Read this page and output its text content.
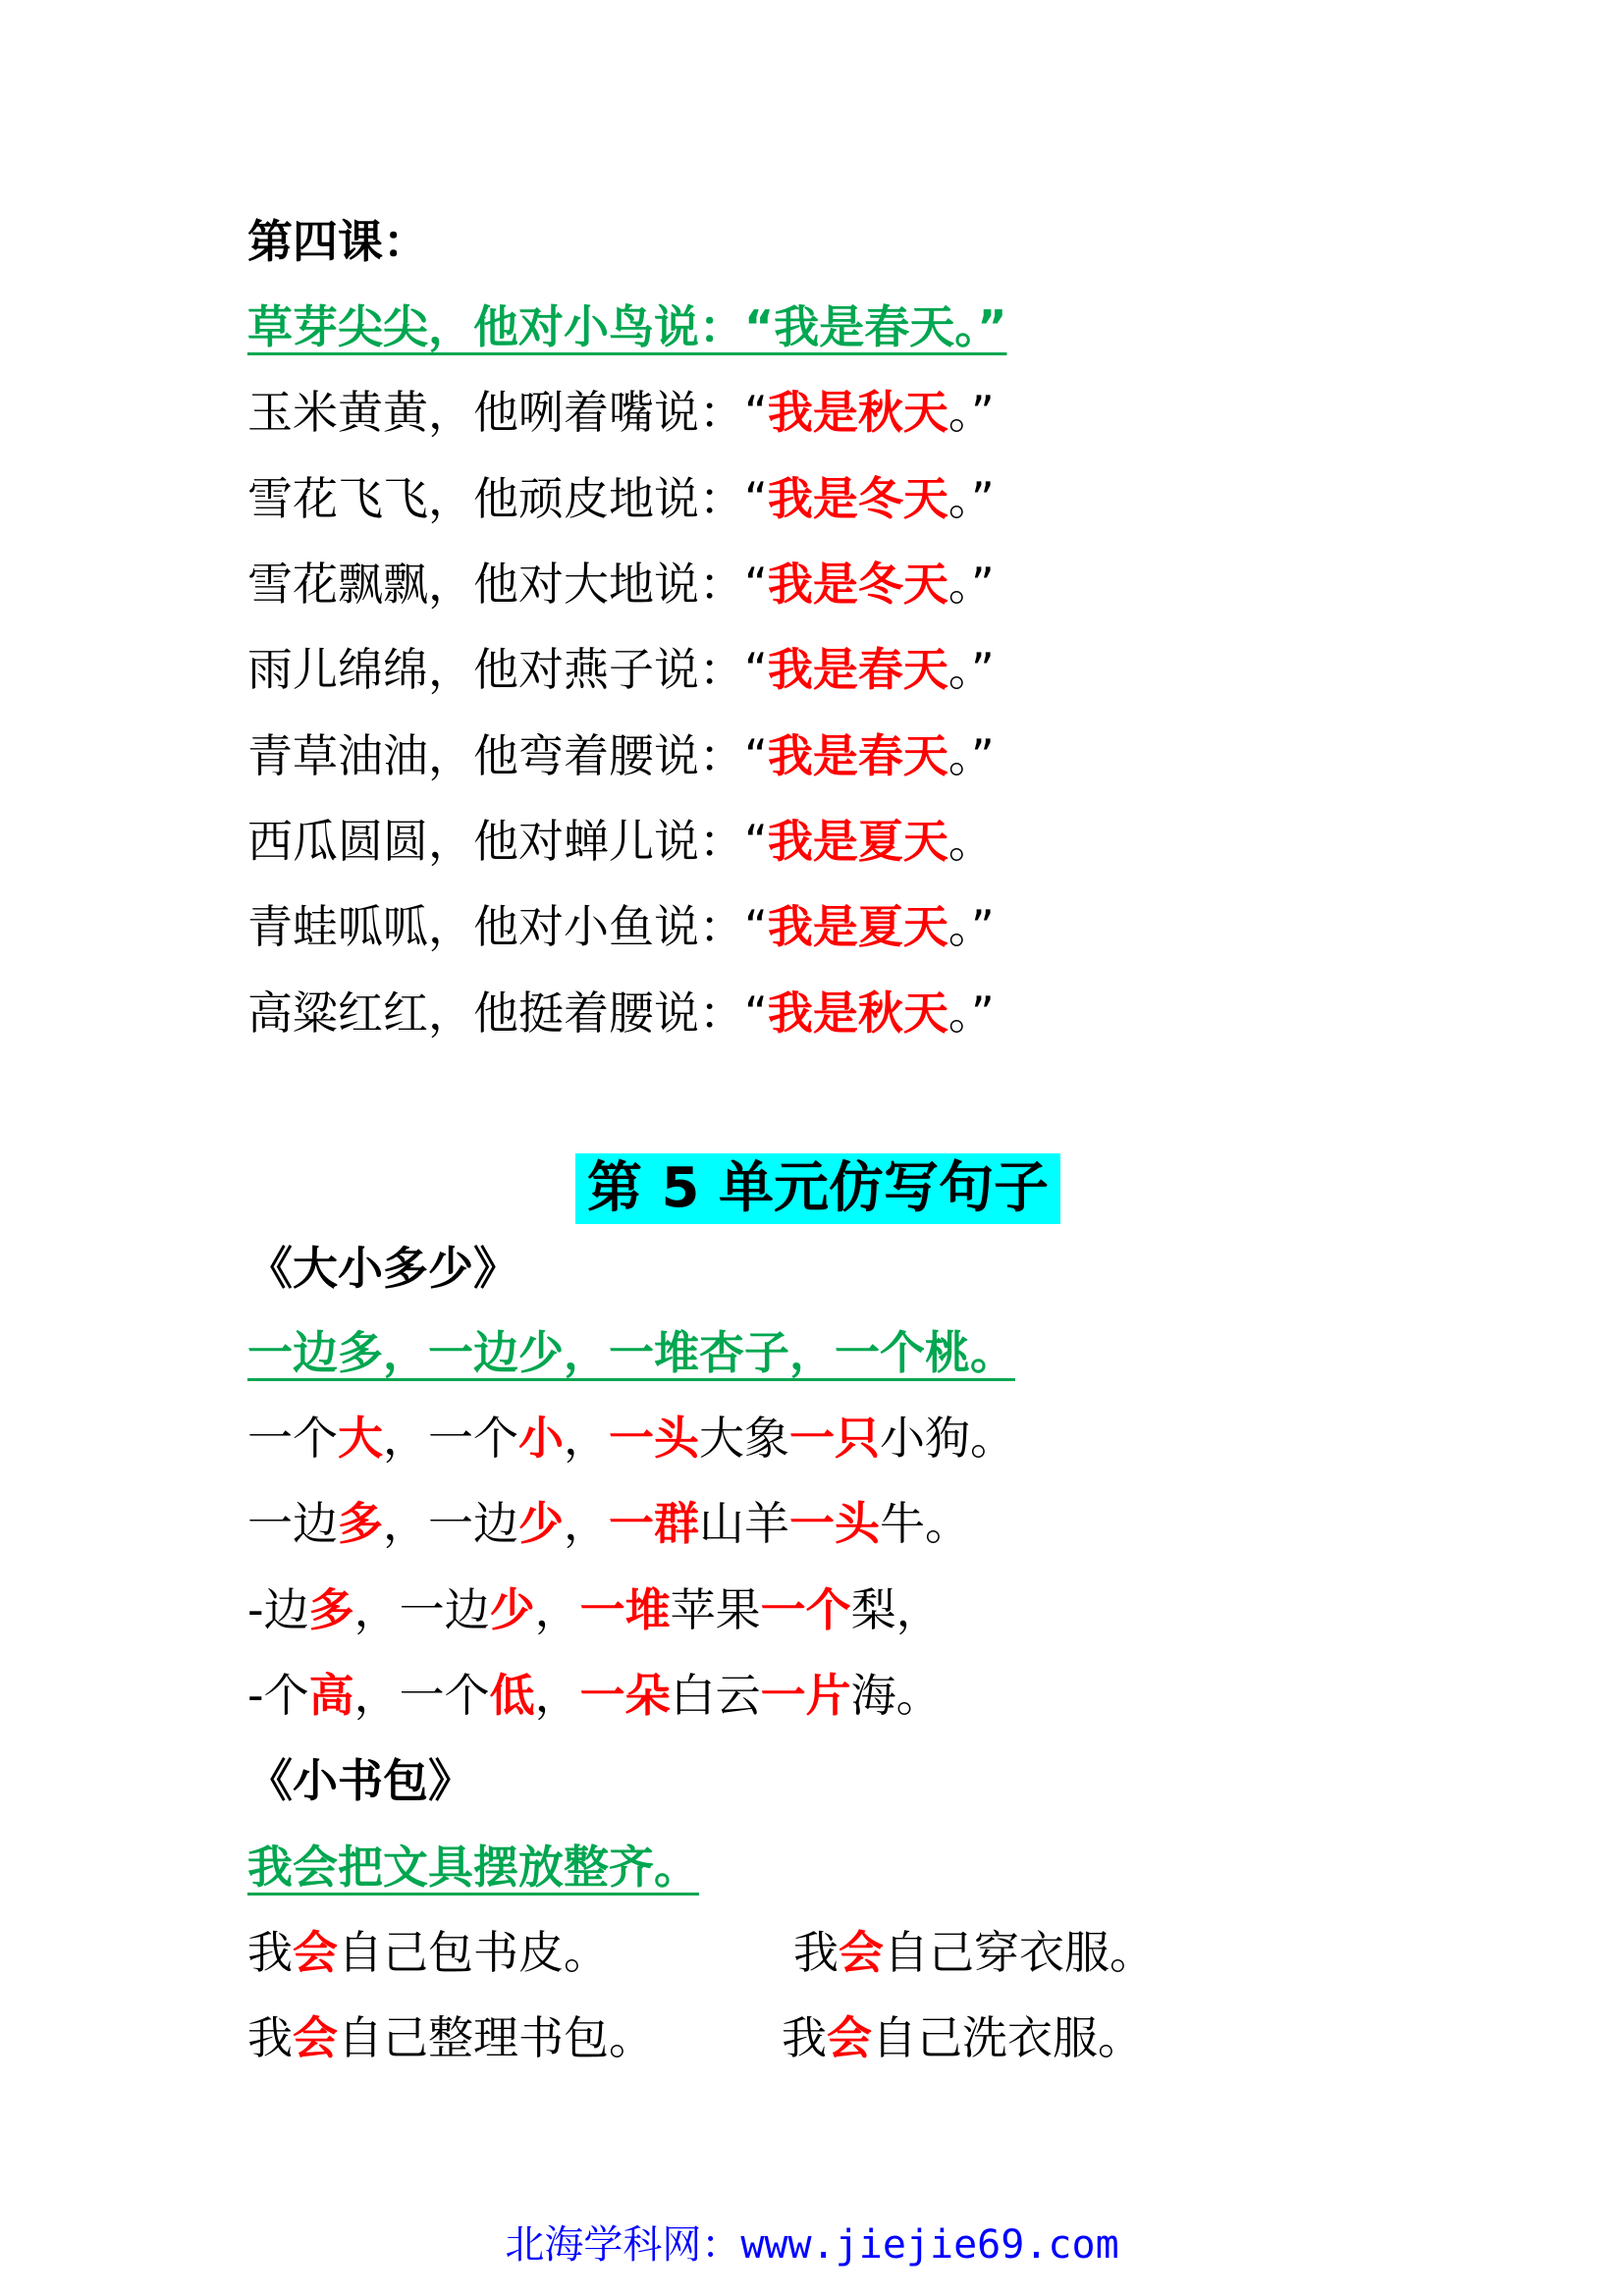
第四课：
草芽尖尖，他对小鸟说：“我是春天。”
玉米黄黄，他咧着嘴说：“我是秋天。”
雪花飞飞，他顽皮地说：“我是冬天。”
雪花飘飘，他对大地说：“我是冬天。”
雨儿绵绵，他对燕子说：“我是春天。”
青草油油，他弯着腰说：“我是春天。”
西瓜圆圆，他对蝉儿说：“我是夏天。
青蛙呱呱，他对小鱼说：“我是夏天。”
高粱红红，他挺着腰说：“我是秋天。”
第 5 单元仿写句子
《大小多少》
一边多，一边少，一堆杏子，一个桃。
一个大，一个小，一头大象一只小狗。
一边多，一边少，一群山羊一头牛。
-边多，一边少，一堆苹果一个梨，
-个高，一个低，一朵白云一片海。
《小书包》
我会把文具摆放整齐。
我会自己包书皮。	我会自己穿衣服。
我会自己整理书包。	我会自己洗衣服。
北海学科网：www.jiejie69.com
